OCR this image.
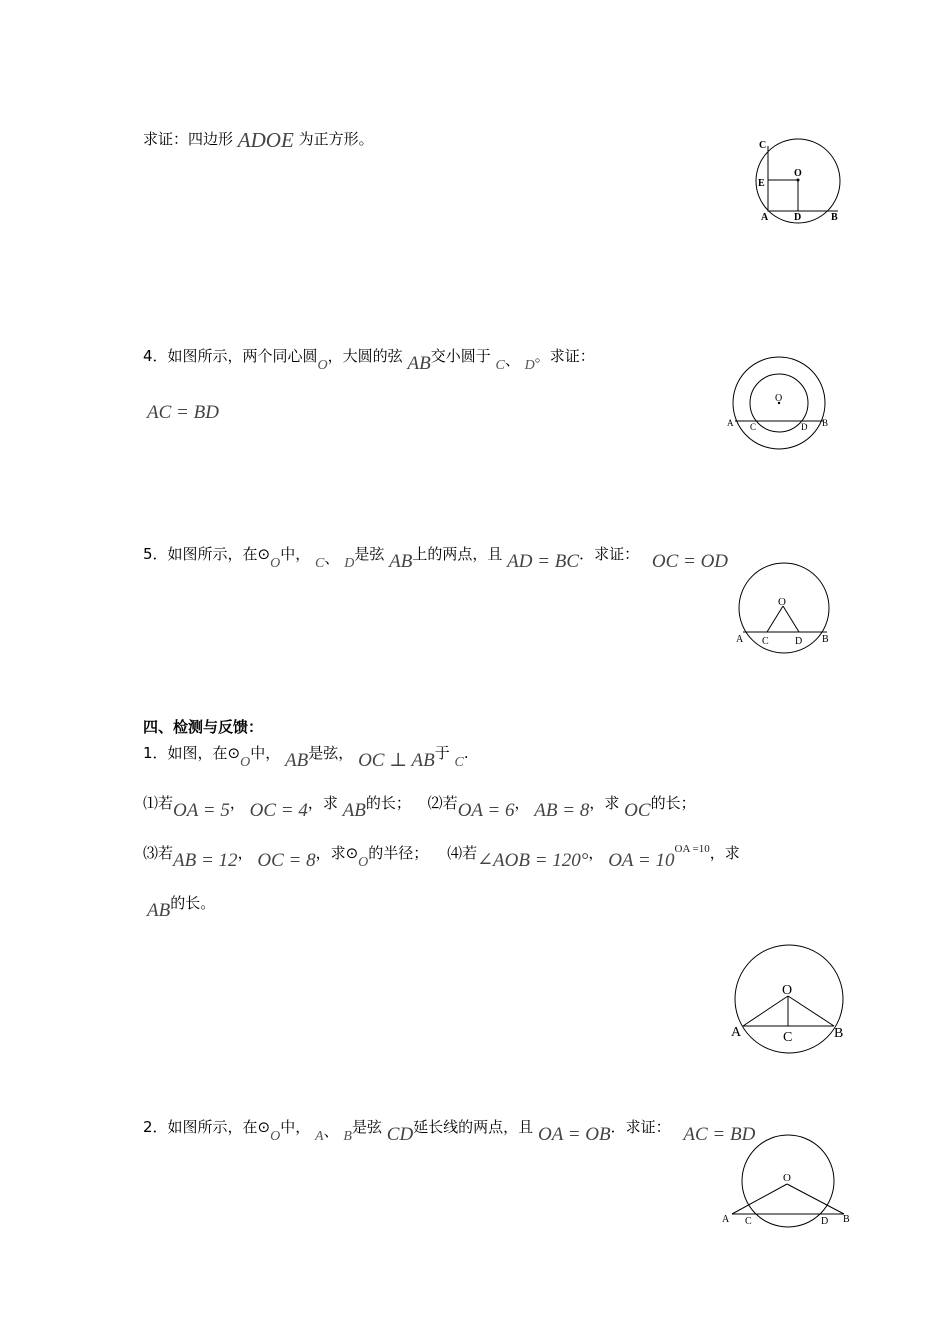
求证：四边形 ADOE 为正方形。	C
O
E
A	D	B
4．如图所示，两个同心圆O，大圆的弦 AB交小圆于 C、 D。求证：
AC = BD
O
A C	D B
5．如图所示，在⊙O中， C、 D是弦 AB上的两点，且 AD = BC．求证： OC = OD
O
A C	D B
四、检测与反馈：
1．如图，在⊙O中， AB是弦， OC ⊥ AB于 C.
⑴若OA = 5， OC = 4，求 AB的长； ⑵若OA = 6， AB = 8，求 OC的长；
⑶若AB = 12， OC = 8，求⊙O的半径； ⑷若∠AOB = 120°， OA = $10^{OA =10}$，求
AB的长。
O
A	C	B
2．如图所示，在⊙O中， A、 B是弦 CD延长线的两点，且 OA = OB．求证： AC = BD
O
A C	D B
